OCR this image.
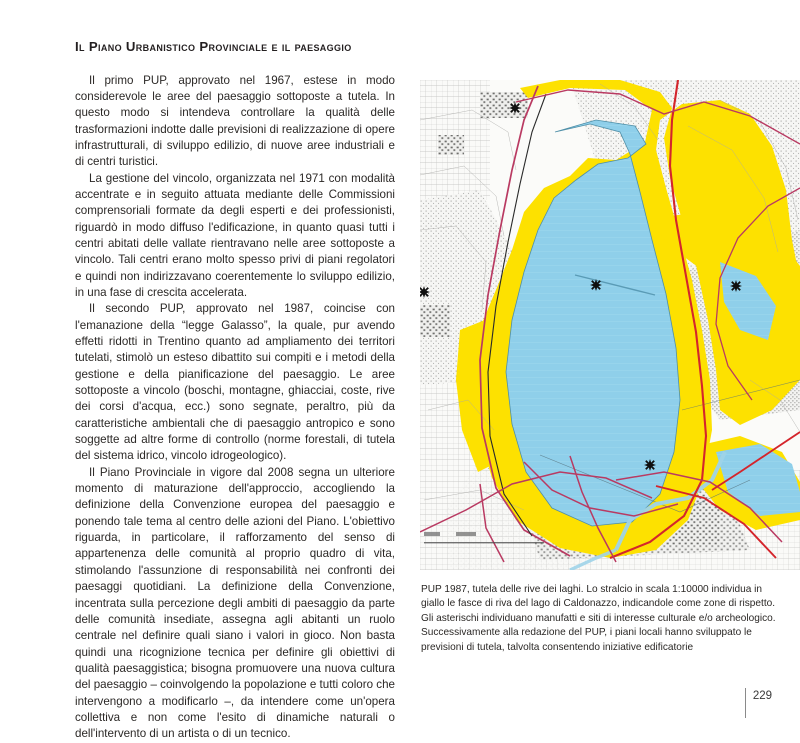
Il Piano Urbanistico Provinciale e il paesaggio

Il primo PUP, approvato nel 1967, estese in modo considerevole le aree del paesaggio sottoposte a tutela. In questo modo si intendeva controllare la qualità delle trasformazioni indotte dalle previsioni di realizzazione di opere infrastrutturali, di sviluppo edilizio, di nuove aree industriali e di centri turistici.

La gestione del vincolo, organizzata nel 1971 con modalità accentrate e in seguito attuata mediante delle Commissioni comprensoriali formate da degli esperti e dei professionisti, riguardò in modo diffuso l'edificazione, in quanto quasi tutti i centri abitati delle vallate rientravano nelle aree sottoposte a vincolo. Tali centri erano molto spesso privi di piani regolatori e quindi non indirizzavano coerentemente lo sviluppo edilizio, in una fase di crescita accelerata.

Il secondo PUP, approvato nel 1987, coincise con l'emanazione della “legge Galasso”, la quale, pur avendo effetti ridotti in Trentino quanto ad ampliamento dei territori tutelati, stimolò un esteso dibattito sui compiti e i metodi della gestione e della pianificazione del paesaggio. Le aree sottoposte a vincolo (boschi, montagne, ghiacciai, coste, rive dei corsi d'acqua, ecc.) sono segnate, peraltro, più da caratteristiche ambientali che di paesaggio antropico e sono soggette ad altre forme di controllo (norme forestali, di tutela del sistema idrico, vincolo idrogeologico).

Il Piano Provinciale in vigore dal 2008 segna un ulteriore momento di maturazione dell'approccio, accogliendo la definizione della Convenzione europea del paesaggio e ponendo tale tema al centro delle azioni del Piano. L'obiettivo riguarda, in particolare, il rafforzamento del senso di appartenenza delle comunità al proprio quadro di vita, stimolando l'assunzione di responsabilità nei confronti dei paesaggi quotidiani. La definizione della Convenzione, incentrata sulla percezione degli ambiti di paesaggio da parte delle comunità insediate, assegna agli abitanti un ruolo centrale nel definire quali siano i valori in gioco. Non basta quindi una ricognizione tecnica per definire gli obiettivi di qualità paesaggistica; bisogna promuovere una nuova cultura del paesaggio – coinvolgendo la popolazione e tutti coloro che intervengono a modificarlo –, da intendere come un'opera collettiva e non come l'esito di dinamiche naturali o dell'intervento di un artista o di un tecnico.

PUP 1987, tutela delle rive dei laghi. Lo stralcio in scala 1:10000 individua in
giallo le fasce di riva del lago di Caldonazzo, indicandole come zone di rispetto.
Gli asterischi individuano manufatti e siti di interesse culturale e/o archeologico.
Successivamente alla redazione del PUP, i piani locali hanno sviluppato le
previsioni di tutela, talvolta consentendo iniziative edificatorie
229
